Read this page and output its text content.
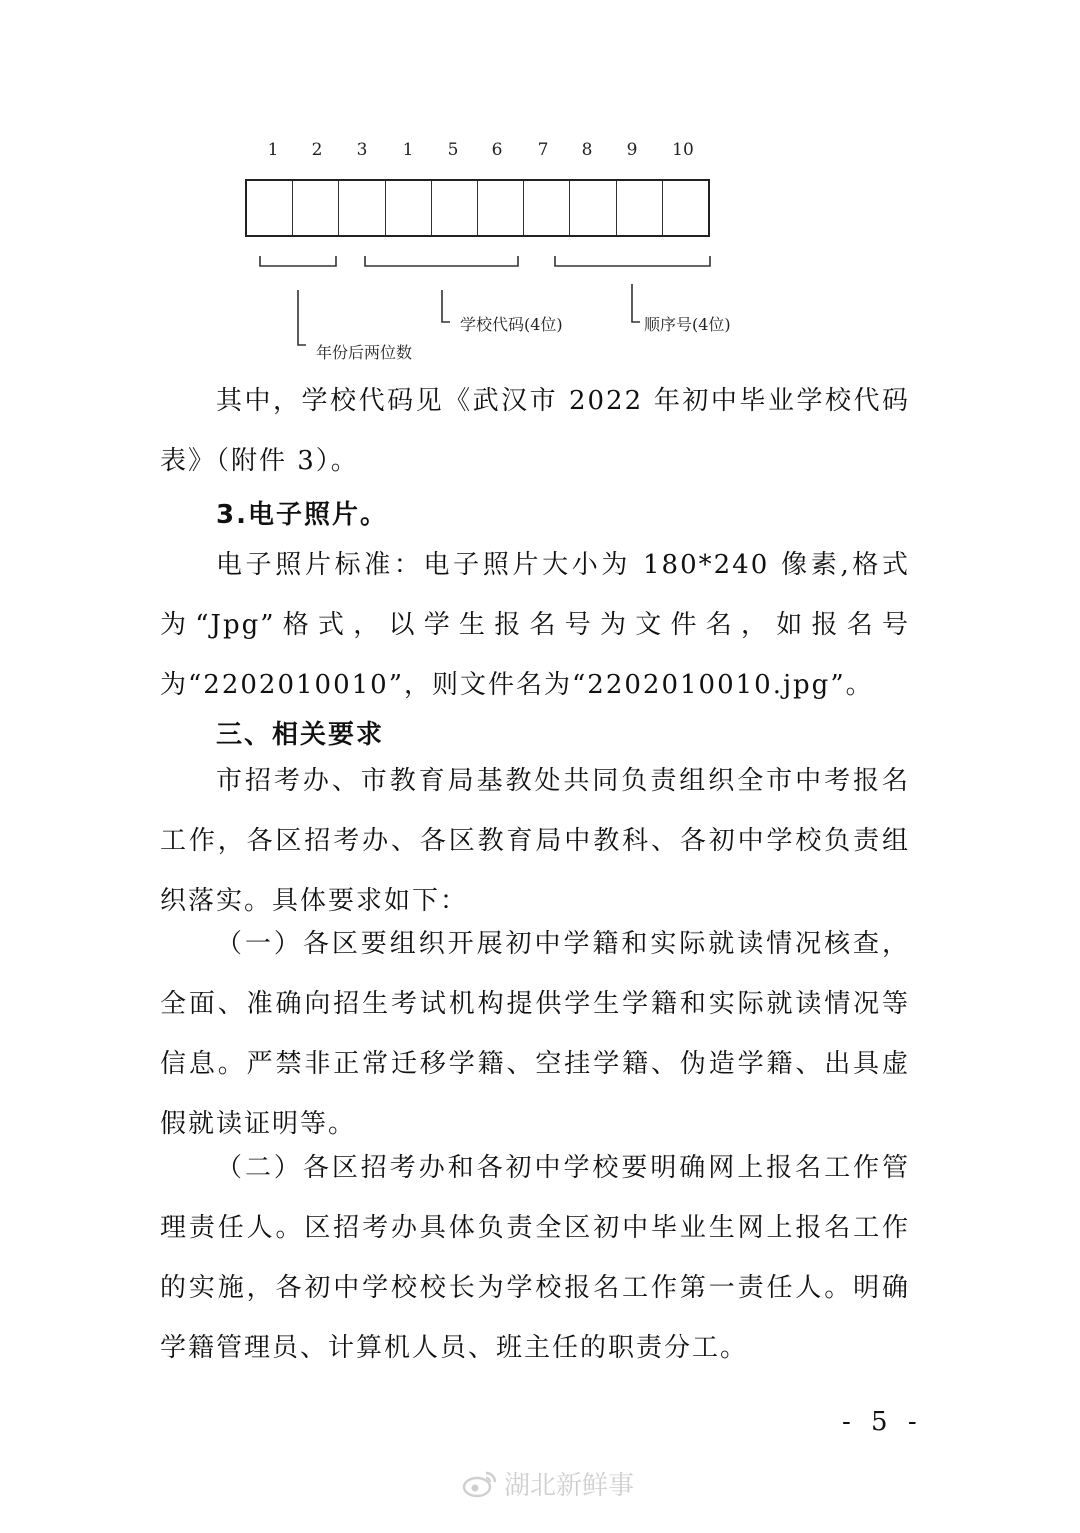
1	2	3	1	5	6	7	8	9	10
学校代码(4位)	顺序号(4位)
年份后两位数

其中，学校代码见《武汉市 2022 年初中毕业学校代码表》（附件 3）。

3.电子照片。

电子照片标准：电子照片大小为 180*240 像素,格式为“Jpg”格式，以学生报名号为文件名，如报名号为“2202010010”，则文件名为“2202010010.jpg”。

三、相关要求

市招考办、市教育局基教处共同负责组织全市中考报名工作，各区招考办、各区教育局中教科、各初中学校负责组织落实。具体要求如下：

（一）各区要组织开展初中学籍和实际就读情况核查，全面、准确向招生考试机构提供学生学籍和实际就读情况等信息。严禁非正常迁移学籍、空挂学籍、伪造学籍、出具虚假就读证明等。

（二）各区招考办和各初中学校要明确网上报名工作管理责任人。区招考办具体负责全区初中毕业生网上报名工作的实施，各初中学校校长为学校报名工作第一责任人。明确学籍管理员、计算机人员、班主任的职责分工。

- 5 -
湖北新鲜事
